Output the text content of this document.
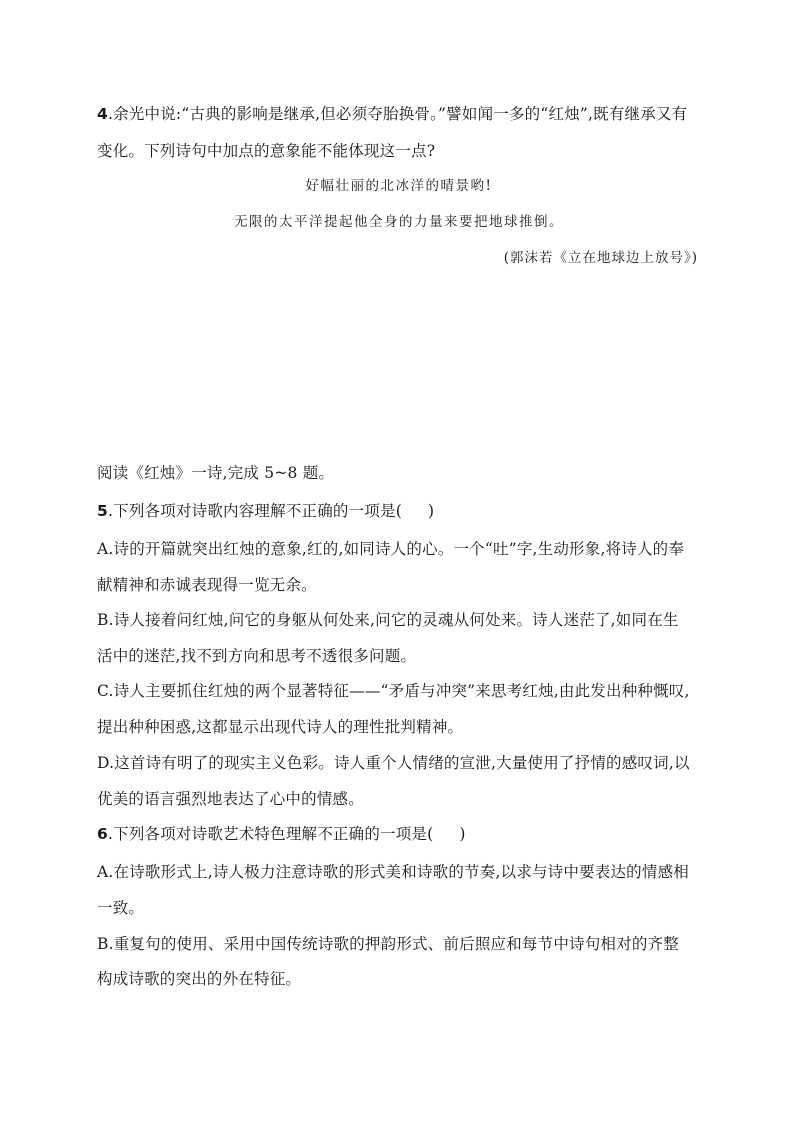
4.余光中说:“古典的影响是继承,但必须夺胎换骨。”譬如闻一多的“红烛”,既有继承又有
变化。下列诗句中加点的意象能不能体现这一点?
好幅壮丽的北冰洋的晴景哟!
无限的太平洋提起他全身的力量来要把地球推倒。
(郭沫若《立在地球边上放号》)
阅读《红烛》一诗,完成 5~8 题。
5.下列各项对诗歌内容理解不正确的一项是( )
A.诗的开篇就突出红烛的意象,红的,如同诗人的心。一个“吐”字,生动形象,将诗人的奉
献精神和赤诚表现得一览无余。
B.诗人接着问红烛,问它的身躯从何处来,问它的灵魂从何处来。诗人迷茫了,如同在生
活中的迷茫,找不到方向和思考不透很多问题。
C.诗人主要抓住红烛的两个显著特征——“矛盾与冲突”来思考红烛,由此发出种种慨叹,
提出种种困惑,这都显示出现代诗人的理性批判精神。
D.这首诗有明了的现实主义色彩。诗人重个人情绪的宣泄,大量使用了抒情的感叹词,以
优美的语言强烈地表达了心中的情感。
6.下列各项对诗歌艺术特色理解不正确的一项是( )
A.在诗歌形式上,诗人极力注意诗歌的形式美和诗歌的节奏,以求与诗中要表达的情感相
一致。
B.重复句的使用、采用中国传统诗歌的押韵形式、前后照应和每节中诗句相对的齐整
构成诗歌的突出的外在特征。
